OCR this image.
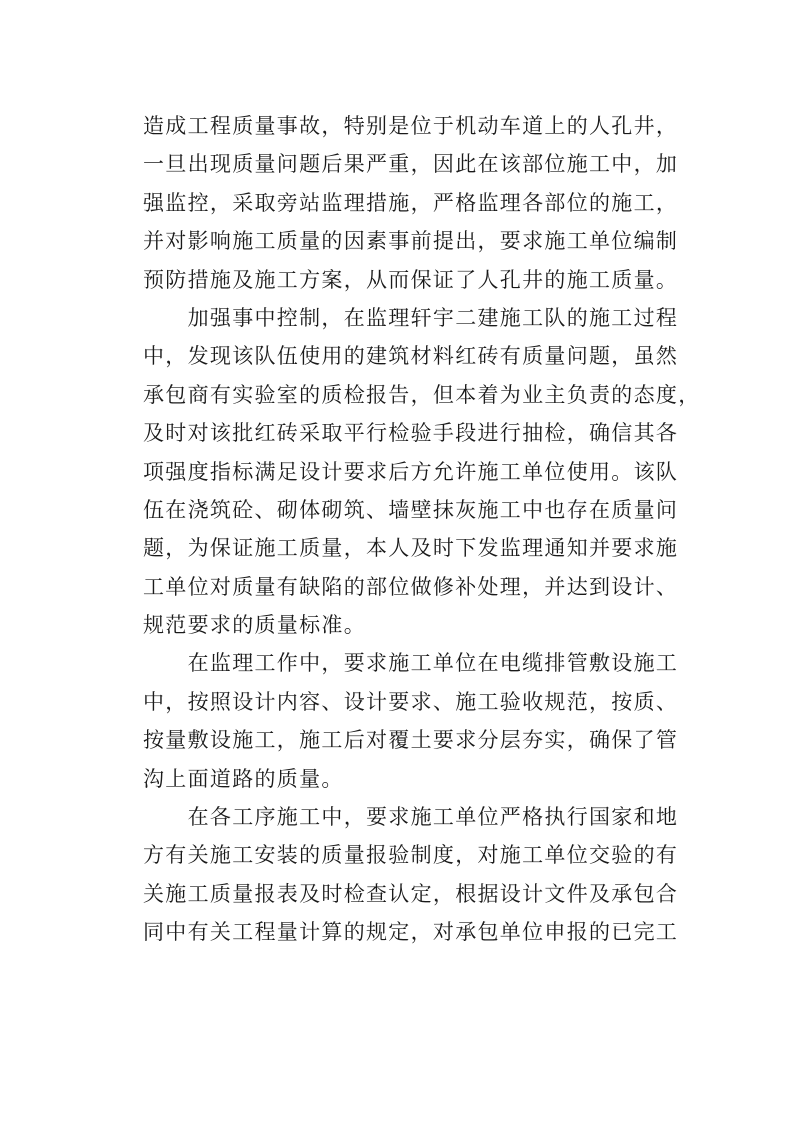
造成工程质量事故，特别是位于机动车道上的人孔井，
一旦出现质量问题后果严重，因此在该部位施工中，加
强监控，采取旁站监理措施，严格监理各部位的施工，
并对影响施工质量的因素事前提出，要求施工单位编制
预防措施及施工方案，从而保证了人孔井的施工质量。
　　加强事中控制，在监理轩宇二建施工队的施工过程
中，发现该队伍使用的建筑材料红砖有质量问题，虽然
承包商有实验室的质检报告，但本着为业主负责的态度，
及时对该批红砖采取平行检验手段进行抽检，确信其各
项强度指标满足设计要求后方允许施工单位使用。该队
伍在浇筑砼、砌体砌筑、墙壁抹灰施工中也存在质量问
题，为保证施工质量，本人及时下发监理通知并要求施
工单位对质量有缺陷的部位做修补处理，并达到设计、
规范要求的质量标准。
　　在监理工作中，要求施工单位在电缆排管敷设施工
中，按照设计内容、设计要求、施工验收规范，按质、
按量敷设施工，施工后对覆土要求分层夯实，确保了管
沟上面道路的质量。
　　在各工序施工中，要求施工单位严格执行国家和地
方有关施工安装的质量报验制度，对施工单位交验的有
关施工质量报表及时检查认定，根据设计文件及承包合
同中有关工程量计算的规定，对承包单位申报的已完工
